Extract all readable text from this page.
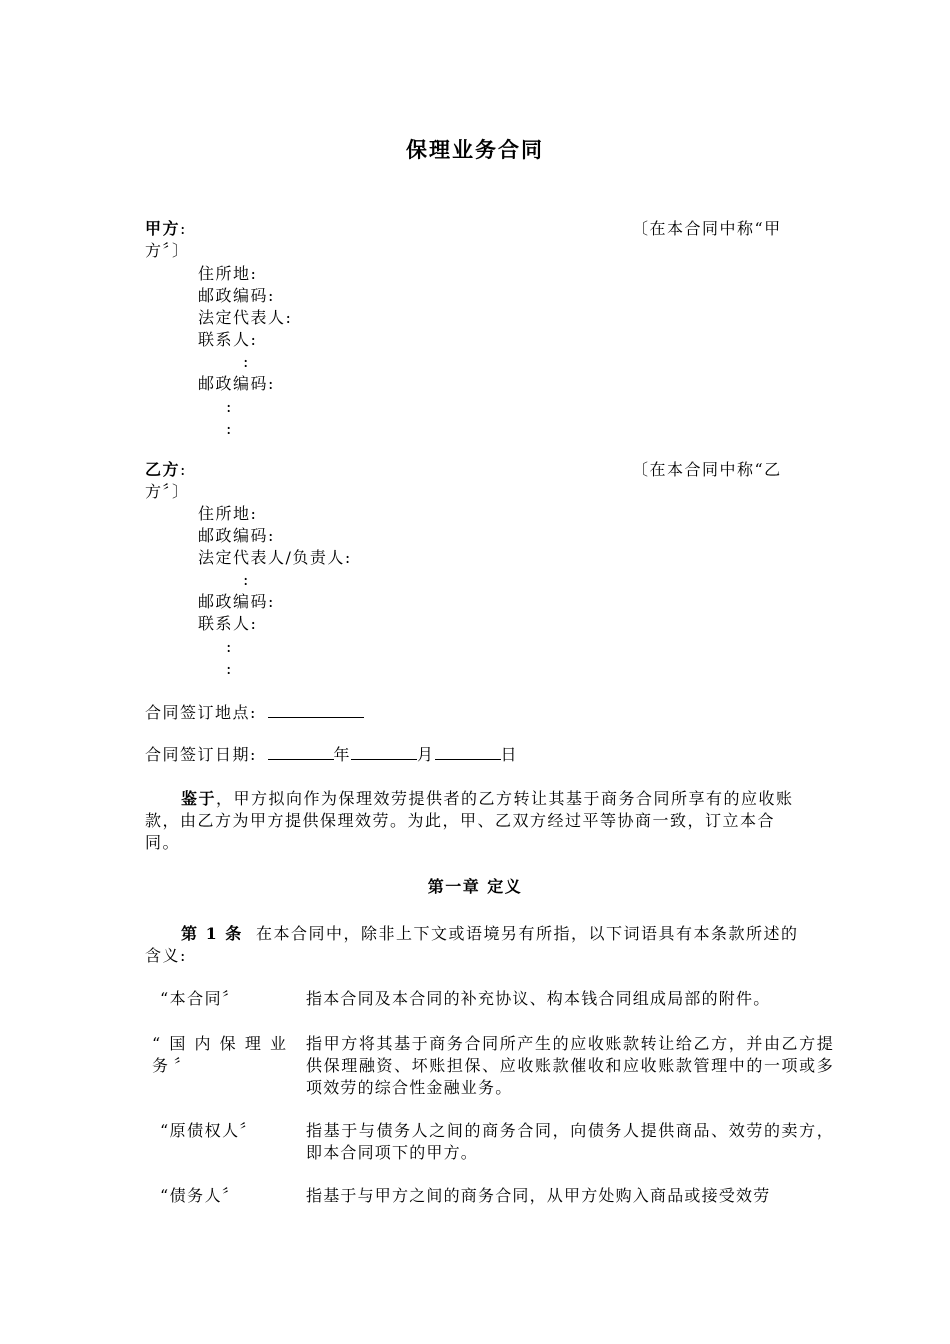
保理业务合同
甲方:	〔在本合同中称“甲
方〞〕
住所地:
邮政编码:
法定代表人:
联系人:
:
邮政编码:
:
:
乙方:	〔在本合同中称“乙
方〞〕
住所地:
邮政编码:
法定代表人/负责人:
:
邮政编码:
联系人:
:
:
合同签订地点:
合同签订日期:	年	月	日
鉴于，甲方拟向作为保理效劳提供者的乙方转让其基于商务合同所享有的应收账款，由乙方为甲方提供保理效劳。为此，甲、乙双方经过平等协商一致，订立本合同。
第一章 定义
第 1 条 在本合同中，除非上下文或语境另有所指，以下词语具有本条款所述的含义:
“本合同〞	指本合同及本合同的补充协议、构本钱合同组成局部的附件。
“国内保理业务〞
指甲方将其基于商务合同所产生的应收账款转让给乙方，并由乙方提供保理融资、坏账担保、应收账款催收和应收账款管理中的一项或多项效劳的综合性金融业务。
“原债权人〞	指基于与债务人之间的商务合同，向债务人提供商品、效劳的卖方，即本合同项下的甲方。
“债务人〞	指基于与甲方之间的商务合同，从甲方处购入商品或接受效劳
